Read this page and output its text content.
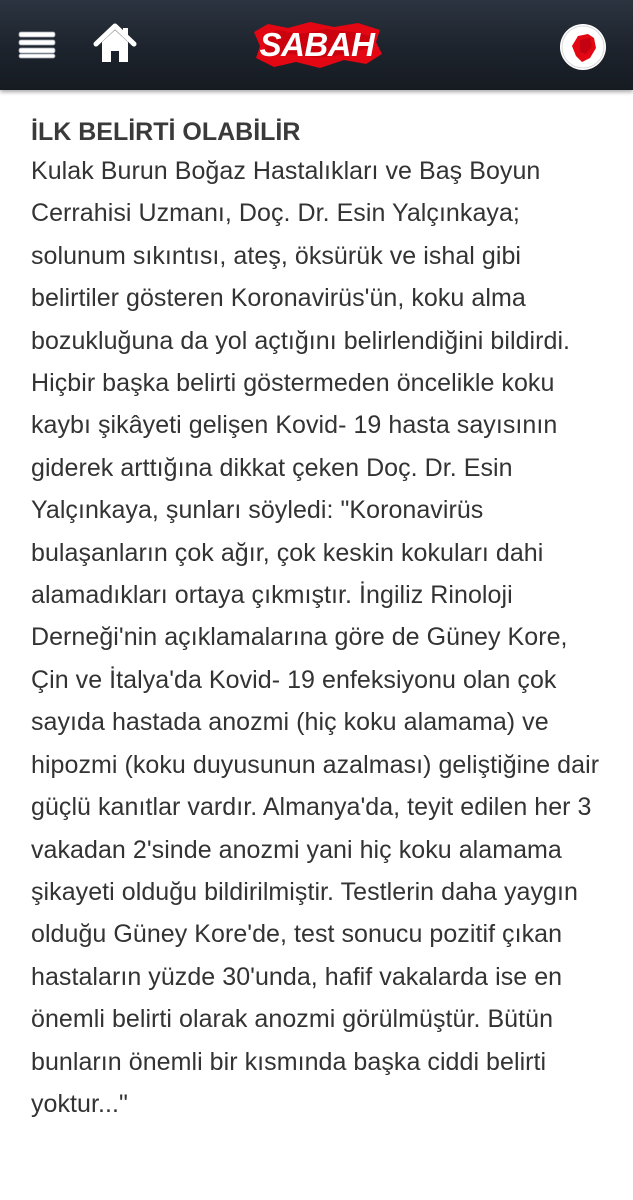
SABAH
İLK BELİRTİ OLABİLİR

Kulak Burun Boğaz Hastalıkları ve Baş Boyun Cerrahisi Uzmanı, Doç. Dr. Esin Yalçınkaya; solunum sıkıntısı, ateş, öksürük ve ishal gibi belirtiler gösteren Koronavirüs'ün, koku alma bozukluğuna da yol açtığını belirlendiğini bildirdi. Hiçbir başka belirti göstermeden öncelikle koku kaybı şikâyeti gelişen Kovid- 19 hasta sayısının giderek arttığına dikkat çeken Doç. Dr. Esin Yalçınkaya, şunları söyledi: "Koronavirüs bulaşanların çok ağır, çok keskin kokuları dahi alamadıkları ortaya çıkmıştır. İngiliz Rinoloji Derneği'nin açıklamalarına göre de Güney Kore, Çin ve İtalya'da Kovid- 19 enfeksiyonu olan çok sayıda hastada anozmi (hiç koku alamama) ve hipozmi (koku duyusunun azalması) geliştiğine dair güçlü kanıtlar vardır. Almanya'da, teyit edilen her 3 vakadan 2'sinde anozmi yani hiç koku alamama şikayeti olduğu bildirilmiştir. Testlerin daha yaygın olduğu Güney Kore'de, test sonucu pozitif çıkan hastaların yüzde 30'unda, hafif vakalarda ise en önemli belirti olarak anozmi görülmüştür. Bütün bunların önemli bir kısmında başka ciddi belirti yoktur..."
